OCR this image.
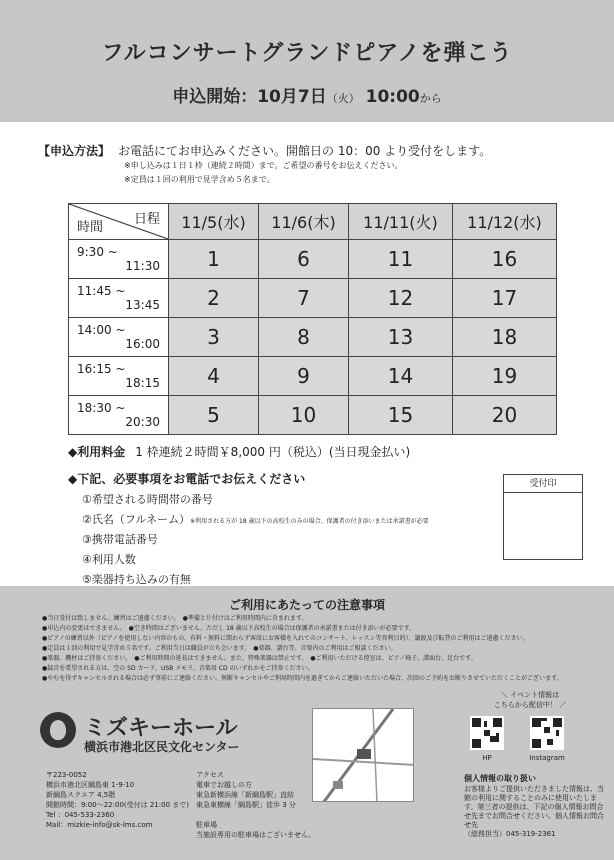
フルコンサートグランドピアノを弾こう
申込開始：10月7日（火） 10:00から
【申込方法】 お電話にてお申込みください。開館日の 10：00 より受付をします。
※申し込みは１日１枠（連続２時間）まで。ご希望の番号をお伝えください。
※定員は１回の利用で見学含め５名まで。
日程
時間	11/5(水)	11/6(木)	11/11(火)	11/12(水)

9:30 ~
11:30	1	6	11	16

11:45 ~
13:45	2	7	12	17

14:00 ~
16:00	3	8	13	18

16:15 ~
18:15	4	9	14	19

18:30 ~
20:30	5	10	15	20
◆利用料金 1 枠連続２時間￥8,000 円（税込）(当日現金払い)
◆下記、必要事項をお電話でお伝えください
①希望される時間帯の番号
②氏名（フルネーム）※利用される方が 18 歳以下の高校生のみの場合、保護者の付き添いまたは承諾書が必要
③携帯電話番号
④利用人数
⑤楽器持ち込みの有無
受付印
ご利用にあたっての注意事項
●当日受付は致しません。練習はご遠慮ください。　●準備と片付けはご利用時間内に含まれます。
●申込内の変更はできません。　●空き時間はございません。ただし 18 歳以下高校生の場合は保護者の承諾書または付き添いが必要です。
●ピアノの練習以外（ピアノを使用しない内容のもの、有料・無料に関わらず客席にお客様を入れてのコンサート、レッスン等営利目的）、譲渡及び転貸のご利用はご遠慮ください。
●定員は１回の利用で見学含め５名です。ご利用当日は職員が立ち会います。　●楽器、譜台等、音楽内のご利用はご相談ください。
●楽器、機材はご持参ください。　●ご利用時間の延長はできません。また、特殊楽器は禁止です。　●ご利用いただける控室は、ピアノ椅子、譜面台、足台です。
●録音を希望される方は、空の SD カード、USB メモリ、音楽用 CD のいずれかをご持参ください。
●やむを得ずキャンセルされる場合は必ず事前にご連絡ください。無断キャンセルやご利用時間内を過ぎてからご連絡いただいた場合、次回のご予約をお断りさせていただくことがございます。
ミズキーホール
横浜市港北区民文化センター
〒223-0052
横浜市港北区綱島東 1-9-10
新綱島スクエア 4,5階
開館時間：9:00～22:00(受付は 21:00 まで)
Tel ：045-533-2360
Mail：mizkie-info@sk-lms.com
アクセス
電車でお越しの方
東急新横浜線「新綱島駅」直結
東急東横線「綱島駅」徒歩 3 分
駐車場
当施設専用の駐車場はございません。
＼ イベント情報は
こちらから配信中！ ／
HP	Instagram
個人情報の取り扱い
お客様よりご提供いただきました情報は、当館の利用に関することのみに使用いたします。第三者の提供は、下記の個人情報お問合せ先までお問合せください。個人情報お問合せ先
（総務担当）045-319-2361
